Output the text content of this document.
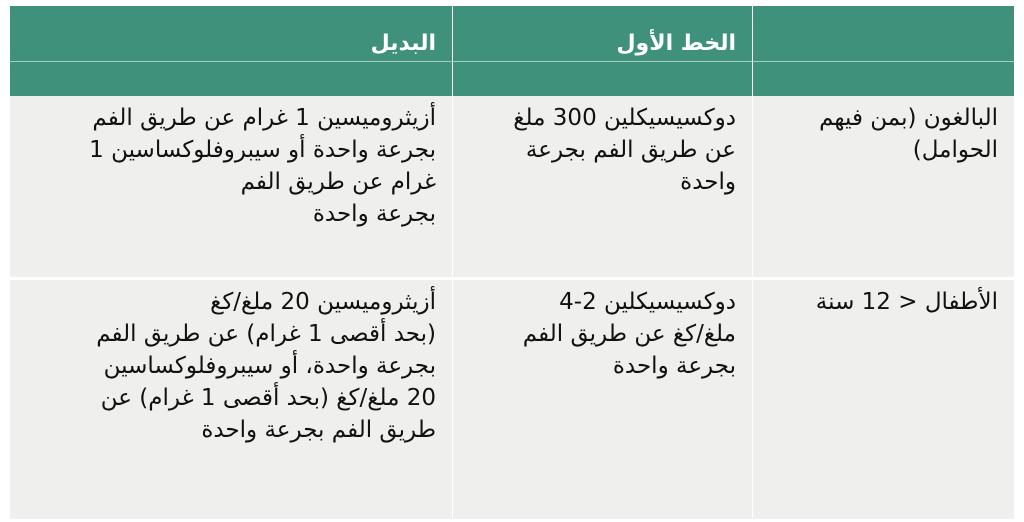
الخط الأول
البديل
البالغون (بمن فيهم
الحوامل)
دوكسيسيكلين 300 ملغ
عن طريق الفم بجرعة
واحدة
أزيثروميسين 1 غرام عن طريق الفم
بجرعة واحدة أو سيبروفلوكساسين 1
غرام عن طريق الفم
بجرعة واحدة
الأطفال < 12 سنة
دوكسيسيكلين 2-4
ملغ/كغ عن طريق الفم
بجرعة واحدة
أزيثروميسين 20 ملغ/كغ
(بحد أقصى 1 غرام) عن طريق الفم
بجرعة واحدة، أو سيبروفلوكساسين
20 ملغ/كغ (بحد أقصى 1 غرام) عن
طريق الفم بجرعة واحدة
